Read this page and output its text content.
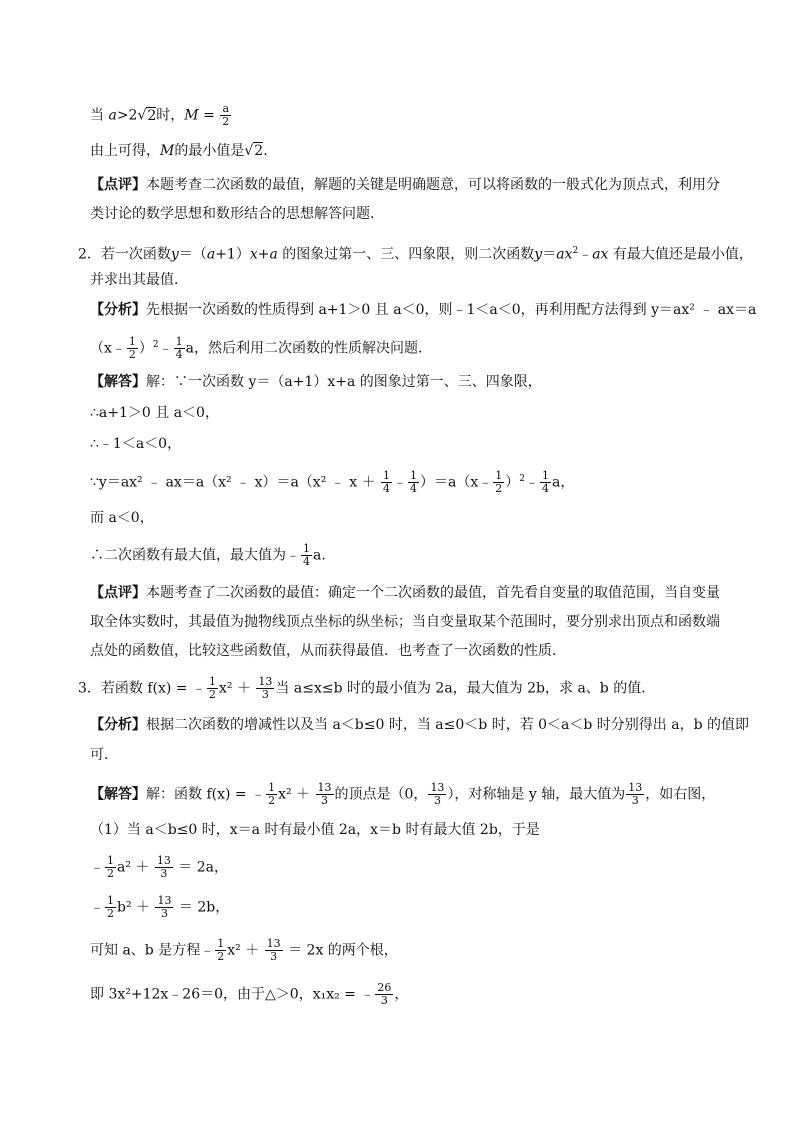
当 a>2√2时，$M = \frac{a}{2}$
由上可得，M的最小值是√2.
【点评】本题考查二次函数的最值，解题的关键是明确题意，可以将函数的一般式化为顶点式，利用分
类讨论的数学思想和数形结合的思想解答问题．
2．若一次函数y＝（a+1）x+a 的图象过第一、三、四象限，则二次函数$y=ax^2﹣ax$ 有最大值还是最小值，
并求出其最值．
【分析】先根据一次函数的性质得到 a+1＞0 且 a＜0，则﹣1＜a＜0，再利用配方法得到 y＝ax² ﹣ ax＝a
（x﹣ $\frac{1}{2}$ ）$^2$﹣ $\frac{1}{4}$ a，然后利用二次函数的性质解决问题．
【解答】解：∵一次函数 y＝（a+1）x+a 的图象过第一、三、四象限，
∴a+1＞0 且 a＜0，
∴﹣1＜a＜0，
∵y＝ax² ﹣ ax＝a（x² ﹣ x）＝a（x² ﹣ $x + \frac{1}{4}$ ﹣ $\frac{1}{4}$ ）＝a（x﹣ $\frac{1}{2}$ ）$^2$﹣ $\frac{1}{4}$ a，
而 a＜0，
∴二次函数有最大值，最大值为﹣ $\frac{1}{4}$ a．
【点评】本题考查了二次函数的最值：确定一个二次函数的最值，首先看自变量的取值范围，当自变量
取全体实数时，其最值为抛物线顶点坐标的纵坐标；当自变量取某个范围时，要分别求出顶点和函数端
点处的函数值，比较这些函数值，从而获得最值．也考查了一次函数的性质．
3．若函数 f(x) = ﹣ $\frac{1}{2} x^2 + \frac{13}{3}$ 当 a≤x≤b 时的最小值为 2a，最大值为 2b，求 a、b 的值．
【分析】根据二次函数的增减性以及当 a＜b≤0 时，当 a≤0＜b 时，若 0＜a＜b 时分别得出 a，b 的值即
可．
【解答】解：函数 f(x) = ﹣ $\frac{1}{2} x^2 + \frac{13}{3}$ 的顶点是（0， $\frac{13}{3}$ ），对称轴是 y 轴，最大值为 $\frac{13}{3}$ ，如右图，
（1）当 a＜b≤0 时，x＝a 时有最小值 2a，x＝b 时有最大值 2b，于是
﹣ $\frac{1}{2} a^2 + \frac{13}{3} = 2a$，
﹣ $\frac{1}{2} b^2 + \frac{13}{3} = 2b$，
可知 a、b 是方程﹣ $\frac{1}{2} x^2 + \frac{13}{3} = 2x$ 的两个根，
即 3x²+12x﹣26＝0，由于△＞0，x₁x₂ = ﹣ $\frac{26}{3}$ ，
